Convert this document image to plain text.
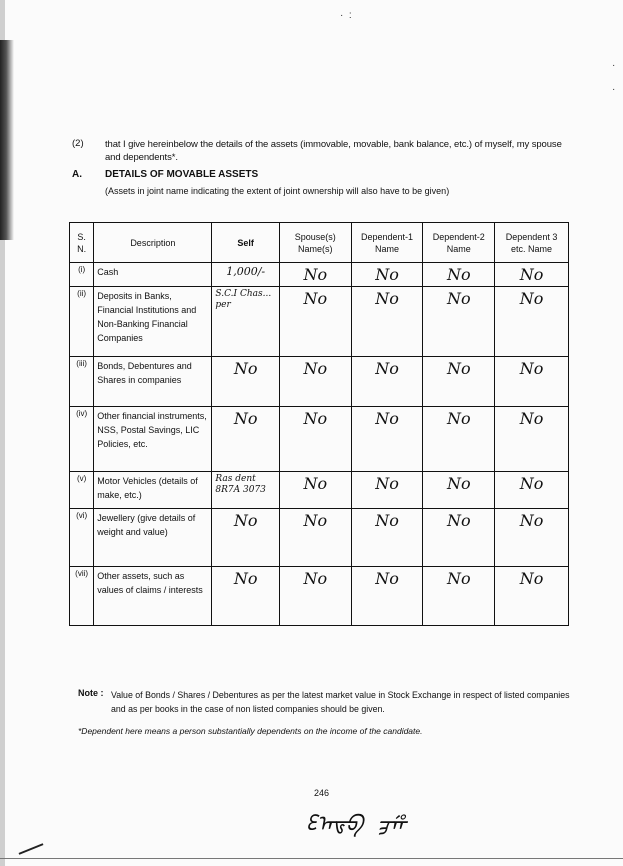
·  :
·
·
(2) that I give hereinbelow the details of the assets (immovable, movable, bank balance, etc.) of myself, my spouse and dependents*.
A. DETAILS OF MOVABLE ASSETS
(Assets in joint name indicating the extent of joint ownership will also have to be given)
S. N.	Description	Self	Spouse(s) Name(s)	Dependent-1 Name	Dependent-2 Name	Dependent 3 etc. Name
(i)	Cash	1,000/-	No	No	No	No
(ii)	Deposits in Banks, Financial Institutions and Non-Banking Financial Companies	S.C.I Chas... per	No	No	No	No
(iii)	Bonds, Debentures and Shares in companies	No	No	No	No	No
(iv)	Other financial instruments, NSS, Postal Savings, LIC Policies, etc.	No	No	No	No	No
(v)	Motor Vehicles (details of make, etc.)	Ras dent 8R7A 3073	No	No	No	No
(vi)	Jewellery (give details of weight and value)	No	No	No	No	No
(vii)	Other assets, such as values of claims / interests	No	No	No	No	No
Note : Value of Bonds / Shares / Debentures as per the latest market value in Stock Exchange in respect of listed companies and as per books in the case of non listed companies should be given.
*Dependent here means a person substantially dependents on the income of the candidate.
246
ᢄᢇᢎᢒ  ᢖᢚ
